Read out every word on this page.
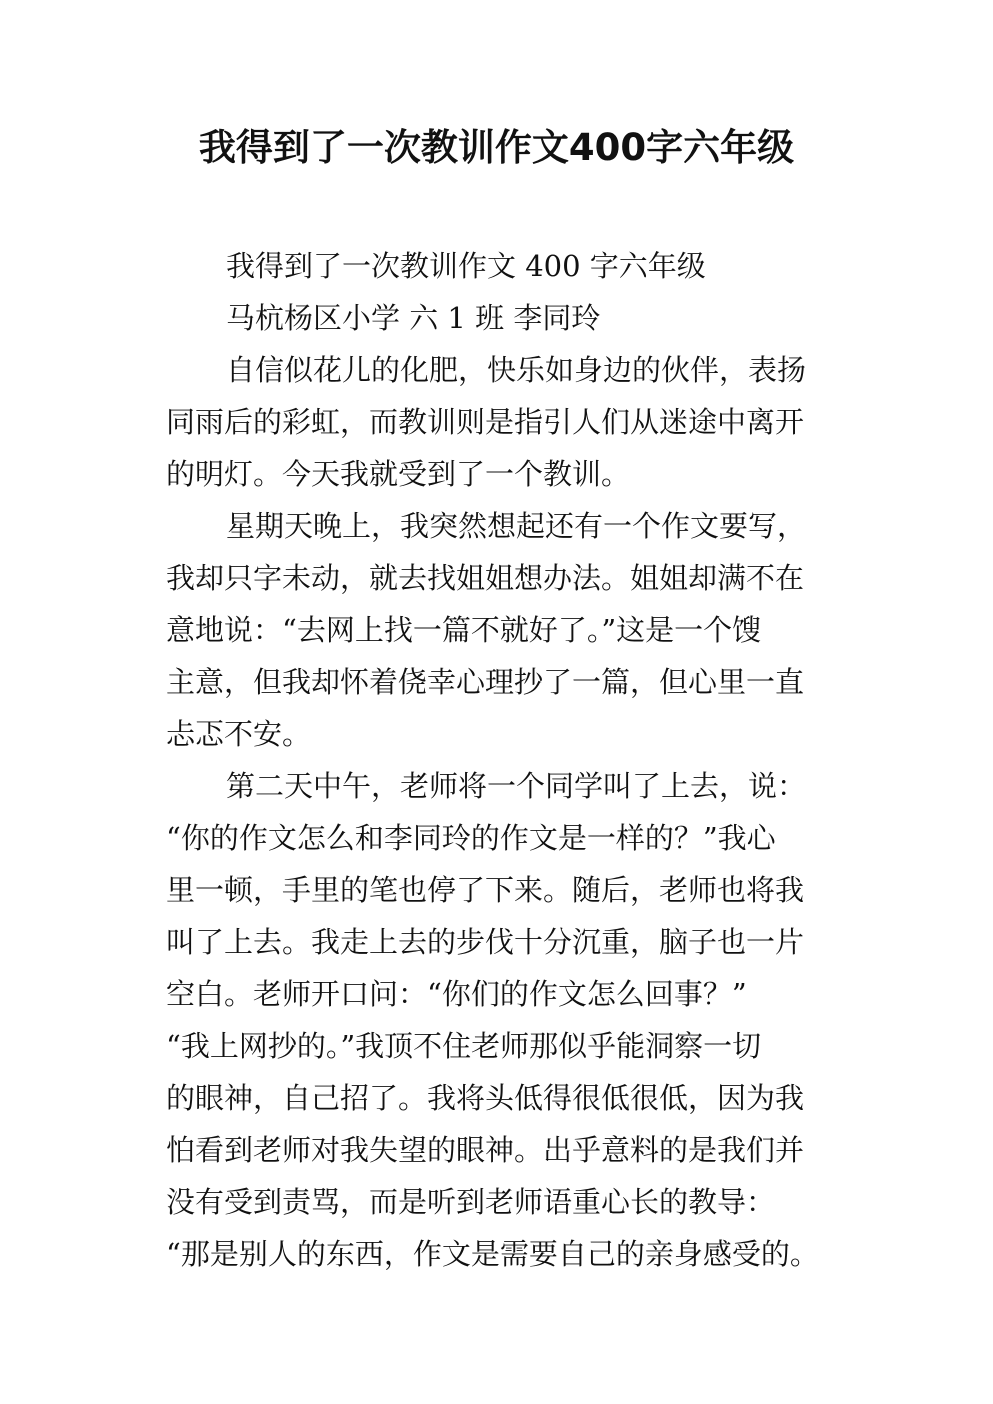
我得到了一次教训作文400字六年级
我得到了一次教训作文 400 字六年级
马杭杨区小学 六 1 班 李同玲
自信似花儿的化肥，快乐如身边的伙伴，表扬
同雨后的彩虹，而教训则是指引人们从迷途中离开
的明灯。今天我就受到了一个教训。
星期天晚上，我突然想起还有一个作文要写，
我却只字未动，就去找姐姐想办法。姐姐却满不在
意地说：“去网上找一篇不就好了。”这是一个馊
主意，但我却怀着侥幸心理抄了一篇，但心里一直
忐忑不安。
第二天中午，老师将一个同学叫了上去，说：
“你的作文怎么和李同玲的作文是一样的？”我心
里一顿，手里的笔也停了下来。随后，老师也将我
叫了上去。我走上去的步伐十分沉重，脑子也一片
空白。老师开口问：“你们的作文怎么回事？”
“我上网抄的。”我顶不住老师那似乎能洞察一切
的眼神，自己招了。我将头低得很低很低，因为我
怕看到老师对我失望的眼神。出乎意料的是我们并
没有受到责骂，而是听到老师语重心长的教导：
“那是别人的东西，作文是需要自己的亲身感受的。
